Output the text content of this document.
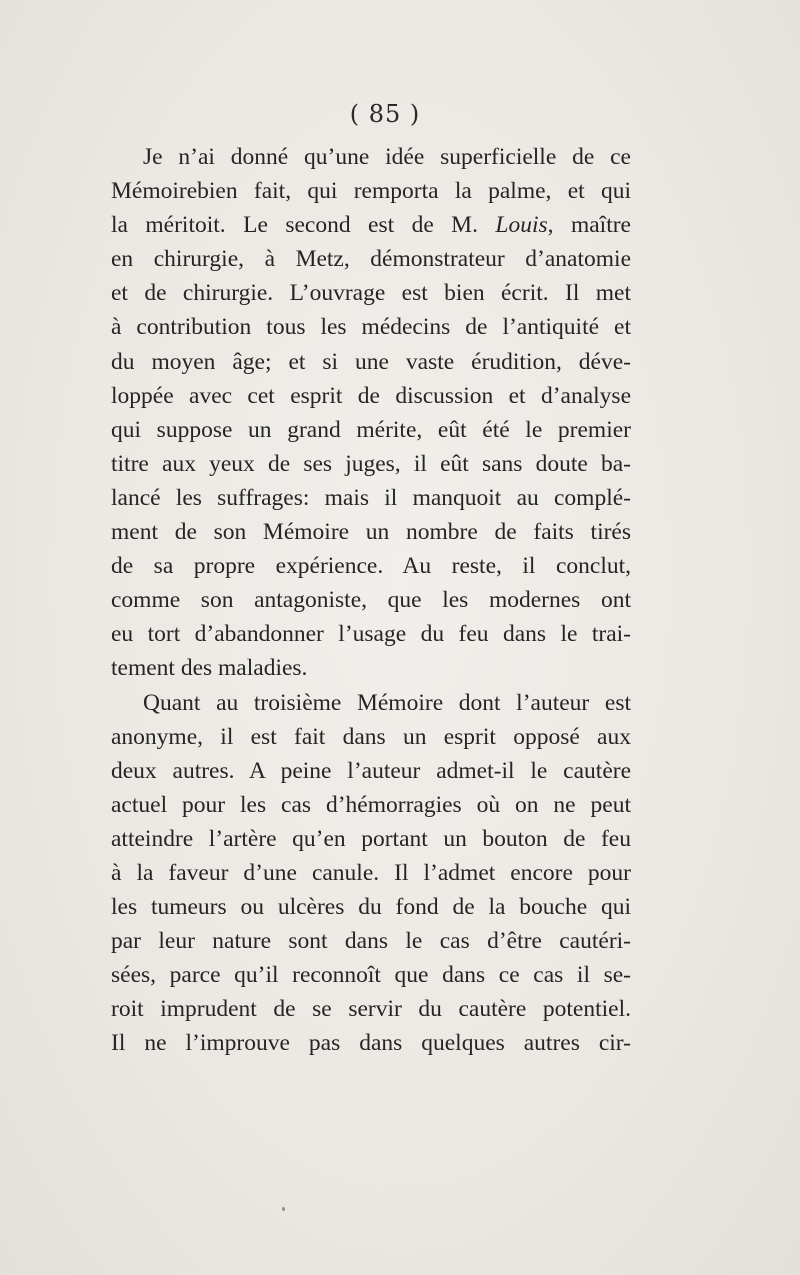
( 85 )
Je n’ai donné qu’une idée superficielle de ce
Mémoirebien fait, qui remporta la palme, et qui
la méritoit. Le second est de M. Louis, maître
en chirurgie, à Metz, démonstrateur d’anatomie
et de chirurgie. L’ouvrage est bien écrit. Il met
à contribution tous les médecins de l’antiquité et
du moyen âge; et si une vaste érudition, déve-
loppée avec cet esprit de discussion et d’analyse
qui suppose un grand mérite, eût été le premier
titre aux yeux de ses juges, il eût sans doute ba-
lancé les suffrages: mais il manquoit au complé-
ment de son Mémoire un nombre de faits tirés
de sa propre expérience. Au reste, il conclut,
comme son antagoniste, que les modernes ont
eu tort d’abandonner l’usage du feu dans le trai-
tement des maladies.
Quant au troisième Mémoire dont l’auteur est
anonyme, il est fait dans un esprit opposé aux
deux autres. A peine l’auteur admet-il le cautère
actuel pour les cas d’hémorragies où on ne peut
atteindre l’artère qu’en portant un bouton de feu
à la faveur d’une canule. Il l’admet encore pour
les tumeurs ou ulcères du fond de la bouche qui
par leur nature sont dans le cas d’être cautéri-
sées, parce qu’il reconnoît que dans ce cas il se-
roit imprudent de se servir du cautère potentiel.
Il ne l’improuve pas dans quelques autres cir-
